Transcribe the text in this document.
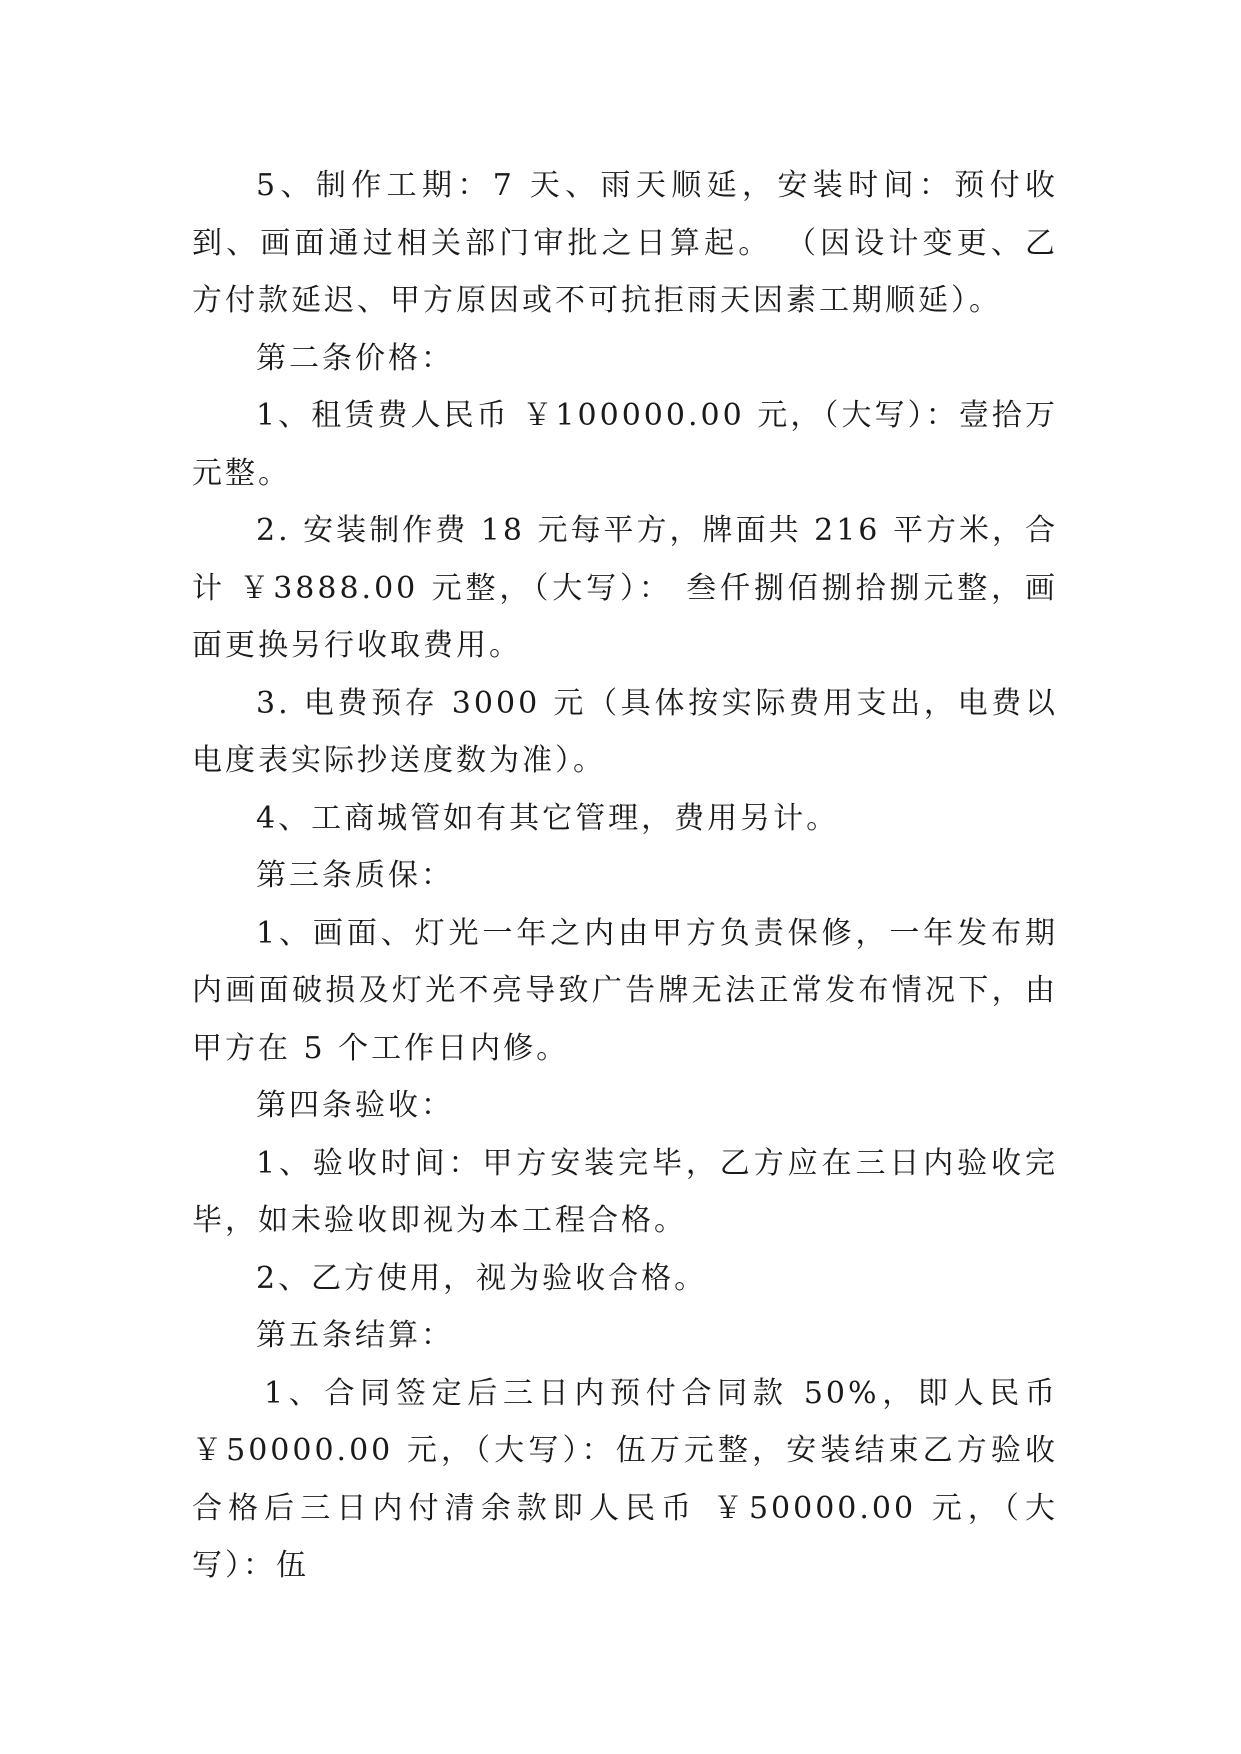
5、制作工期：7 天、雨天顺延，安装时间：预付收到、画面通过相关部门审批之日算起。 （因设计变更、乙方付款延迟、甲方原因或不可抗拒雨天因素工期顺延）。

第二条价格：

1、租赁费人民币 ￥100000.00 元，（大写）：壹拾万元整。

2. 安装制作费 18 元每平方，牌面共 216 平方米，合计 ￥3888.00 元整，（大写）： 叁仟捌佰捌拾捌元整，画面更换另行收取费用。

3. 电费预存 3000 元（具体按实际费用支出，电费以电度表实际抄送度数为准）。

4、工商城管如有其它管理，费用另计。

第三条质保：

1、画面、灯光一年之内由甲方负责保修，一年发布期内画面破损及灯光不亮导致广告牌无法正常发布情况下，由甲方在 5 个工作日内修。

第四条验收：

1、验收时间：甲方安装完毕，乙方应在三日内验收完毕，如未验收即视为本工程合格。

2、乙方使用，视为验收合格。

第五条结算：

1、合同签定后三日内预付合同款 50%，即人民币 ￥50000.00 元，（大写）：伍万元整，安装结束乙方验收合格后三日内付清余款即人民币 ￥50000.00 元，（大写）：伍
